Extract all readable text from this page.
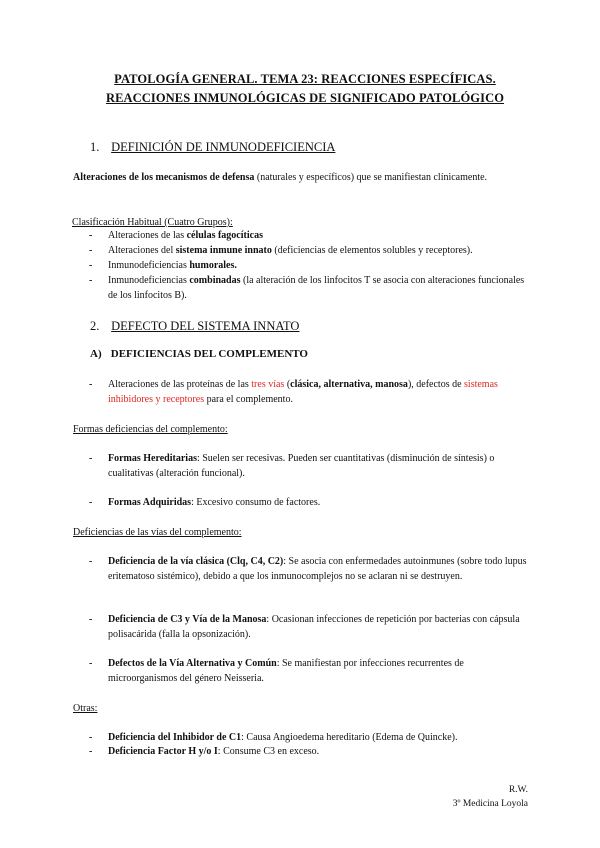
PATOLOGÍA GENERAL. TEMA 23: REACCIONES ESPECÍFICAS.
REACCIONES INMUNOLÓGICAS DE SIGNIFICADO PATOLÓGICO
1. DEFINICIÓN DE INMUNODEFICIENCIA
Alteraciones de los mecanismos de defensa (naturales y específicos) que se manifiestan clínicamente.
Clasificación Habitual (Cuatro Grupos):
-	Alteraciones de las células fagocíticas
-	Alteraciones del sistema inmune innato (deficiencias de elementos solubles y receptores).
-	Inmunodeficiencias humorales.
-	Inmunodeficiencias combinadas (la alteración de los linfocitos T se asocia con alteraciones funcionales de los linfocitos B).
2. DEFECTO DEL SISTEMA INNATO
A) DEFICIENCIAS DEL COMPLEMENTO
-	Alteraciones de las proteínas de las tres vías (clásica, alternativa, manosa), defectos de sistemas inhibidores y receptores para el complemento.
Formas deficiencias del complemento:
-	Formas Hereditarias: Suelen ser recesivas. Pueden ser cuantitativas (disminución de síntesis) o cualitativas (alteración funcional).
-	Formas Adquiridas: Excesivo consumo de factores.
Deficiencias de las vías del complemento:
-	Deficiencia de la vía clásica (Clq, C4, C2): Se asocia con enfermedades autoinmunes (sobre todo lupus eritematoso sistémico), debido a que los inmunocomplejos no se aclaran ni se destruyen.
-	Deficiencia de C3 y Vía de la Manosa: Ocasionan infecciones de repetición por bacterias con cápsula polisacárida (falla la opsonización).
-	Defectos de la Vía Alternativa y Común: Se manifiestan por infecciones recurrentes de microorganismos del género Neisseria.
Otras:
-	Deficiencia del Inhibidor de C1: Causa Angioedema hereditario (Edema de Quincke).
-	Deficiencia Factor H y/o I: Consume C3 en exceso.
R.W.
3º Medicina Loyola
